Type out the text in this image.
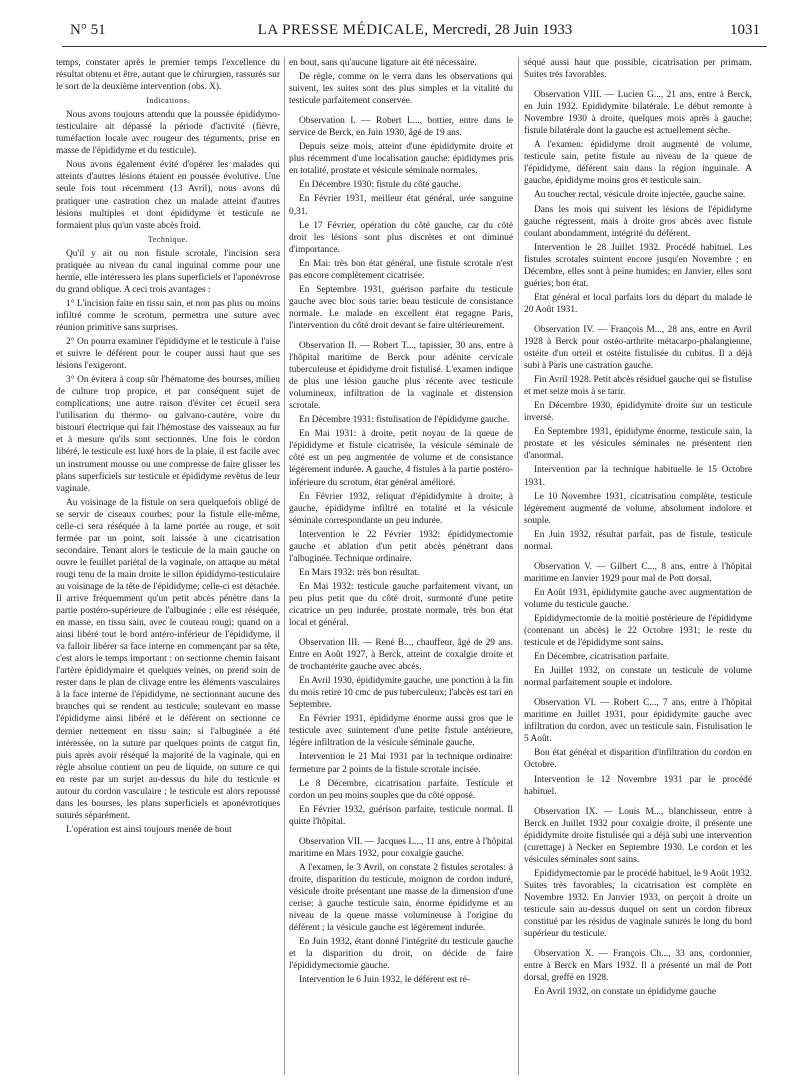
N° 51	LA PRESSE MÉDICALE, Mercredi, 28 Juin 1933	1031

temps, constater après le premier temps l'excellence du résultat obtenu et être, autant que le chirurgien, rassurés sur le sort de la deuxième intervention (obs. X).

Indications.

Nous avons toujours attendu que la poussée épididymo-testiculaire ait dépassé la période d'activité (fièvre, tuméfaction locale avec rougeur des téguments, prise en masse de l'épididyme et du testicule).

Nous avons également évité d'opérer les malades qui atteints d'autres lésions étaient en poussée évolutive. Une seule fois tout récemment (13 Avril), nous avons dû pratiquer une castration chez un malade atteint d'autres lésions multiples et dont épididyme et testicule ne formaient plus qu'un vaste abcès froid.

Technique.

Qu'il y ait ou non fistule scrotale, l'incision sera pratiquée au niveau du canal inguinal comme pour une hernie, elle intéressera les plans superficiels et l'aponévrose du grand oblique. A ceci trois avantages :

1° L'incision faite en tissu sain, et non pas plus ou moins infiltré comme le scrotum, permettra une suture avec réunion primitive sans surprises.

2° On pourra examiner l'épididyme et le testicule à l'aise et suivre le déférent pour le couper aussi haut que ses lésions l'exigeront.

3° On évitera à coup sûr l'hématome des bourses, milieu de culture trop propice, et par conséquent sujet de complications; une autre raison d'éviter cet écueil sera l'utilisation du thermo- ou galvano-cautère, voire du bistouri électrique qui fait l'hémostase des vaisseaux au fur et à mesure qu'ils sont sectionnés. Une fois le cordon libéré, le testicule est luxé hors de la plaie, il est facile avec un instrument mousse ou une compresse de faire glisser les plans superficiels sur testicule et épididyme revêtus de leur vaginale.

Au voisinage de la fistule on sera quelquefois obligé de se servir de ciseaux courbes; pour la fistule elle-même, celle-ci sera réséquée à la lame portée au rouge, et soit fermée par un point, soit laissée à une cicatrisation secondaire. Tenant alors le testicule de la main gauche on ouvre le feuillet pariétal de la vaginale, on attaque au métal rougi tenu de la main droite le sillon épididymo-testiculaire au voisinage de la tête de l'épididyme; celle-ci est détachée. Il arrive fréquemment qu'un petit abcès pénètre dans la partie postéro-supérieure de l'albuginée ; elle est réséquée, en masse, en tissu sain, avec le couteau rougi; quand on a ainsi libéré tout le bord antéro-inférieur de l'épididyme, il va falloir libérer sa face interne en commençant par sa tête, c'est alors le temps important : on sectionne chemin faisant l'artère épididymaire et quelques veines, on prend soin de rester dans le plan de clivage entre les éléments vasculaires à la face interne de l'épididyme, ne sectionnant aucune des branches qui se rendent au testicule; soulevant en masse l'épididyme ainsi libéré et le déférent on sectionne ce dernier nettement en tissu sain; si l'albuginée a été intéressée, on la suture par quelques points de catgut fin, puis après avoir réséqué la majorité de la vaginale, qui en règle absolue contient un peu de liquide, on suture ce qui en reste par un surjet au-dessus du hile du testicule et autour du cordon vasculaire ; le testicule est alors repoussé dans les bourses, les plans superficiels et aponévrotiques suturés séparément.

L'opération est ainsi toujours menée de bout

en bout, sans qu'aucune ligature ait été nécessaire.

De règle, comme on le verra dans les observations qui suivent, les suites sont des plus simples et la vitalité du testicule parfaitement conservée.

Observation I. — Robert L..., bottier, entre dans le service de Berck, en Juin 1930, âgé de 19 ans.

Depuis seize mois, atteint d'une épididymite droite et plus récemment d'une localisation gauche: épididymes pris en totalité, prostate et vésicule séminale normales.

En Décembre 1930: fistule du côté gauche.

En Février 1931, meilleur état général, urée sanguine 0,31.

Le 17 Février, opération du côté gauche, car du côté droit les lésions sont plus discrètes et ont diminué d'importance.

En Mai: très bon état général, une fistule scrotale n'est pas encore complètement cicatrisée.

En Septembre 1931, guérison parfaite du testicule gauche avec bloc sous tarie: beau testicule de consistance normale. Le malade en excellent état regagne Paris, l'intervention du côté droit devant se faire ultérieurement.

Observation II. — Robert T..., tapissier, 30 ans, entre à l'hôpital maritime de Berck pour adénite cervicale tuberculeuse et épididyme droit fistulisé. L'examen indique de plus une lésion gauche plus récente avec testicule volumineux, infiltration de la vaginale et distension scrotale.

En Décembre 1931: fistulisation de l'épididyme gauche.

En Mai 1931: à droite, petit noyau de la queue de l'épididyme et fistule cicatrisée, la vésicule séminale de côté est un peu augmentée de volume et de consistance légèrement indurée. A gauche, 4 fistules à la partie postéro-inférieure du scrotum, état général amélioré.

En Février 1932, reliquat d'épididymite à droite; à gauche, épididyme infiltré en totalité et la vésicule séminale correspondante un peu indurée.

Intervention le 22 Février 1932: épididymectomie gauche et ablation d'un petit abcès pénétrant dans l'albuginée. Technique ordinaire.

En Mars 1932: très bon résultat.

En Mai 1932: testicule gauche parfaitement vivant, un peu plus petit que du côté droit, surmonté d'une petite cicatrice un peu indurée, prostate normale, très bon état local et général.

Observation III. — René B..., chauffeur, âgé de 29 ans. Entre en Août 1927, à Berck, atteint de coxalgie droite et de trochantérite gauche avec abcès.

En Avril 1930, épididymite gauche, une ponction à la fin du mois retire 10 cmc de pus tuberculeux; l'abcès est tari en Septembre.

En Février 1931, épididyme énorme aussi gros que le testicule avec suintement d'une petite fistule antérieure, légère infiltration de la vésicule séminale gauche.

Intervention le 21 Mai 1931 par la technique ordinaire: fermeture par 2 points de la fistule scrotale incisée.

Le 8 Décembre, cicatrisation parfaite. Testicule et cordon un peu moins souples que du côté opposé.

En Février 1932, guérison parfaite, testicule normal. Il quitte l'hôpital.

Observation VII. — Jacques L..., 11 ans, entre à l'hôpital maritime en Mars 1932, pour coxalgie gauche.

A l'examen, le 3 Avril, on constate 2 fistules scrotales: à droite, disparition du testicule, moignon de cordon induré, vésicule droite présentant une masse de la dimension d'une cerise; à gauche testicule sain, énorme épididyme et au niveau de la queue masse volumineuse à l'origine du déférent ; la vésicule gauche est légèrement indurée.

En Juin 1932, étant donné l'intégrité du testicule gauche et la disparition du droit, on décide de faire l'épididymectomie gauche.

Intervention le 6 Juin 1932, le déférent est ré-

séqué aussi haut que possible, cicatrisation per primam. Suites très favorables.

Observation VIII. — Lucien G..., 21 ans, entre à Berck, en Juin 1932. Epididymite bilatérale. Le début remonte à Novembre 1930 à droite, quelques mois après à gauche; fistule bilatérale dont la gauche est actuellement sèche.

A l'examen: épididyme droit augmenté de volume, testicule sain, petite fistule au niveau de la queue de l'épididyme, déférent sain dans la région inguinale. A gauche, épididyme moins gros et testicule sain.

Au toucher rectal, vésicule droite injectée, gauche saine.

Dans les mois qui suivent les lésions de l'épididyme gauche régressent, mais à droite gros abcès avec fistule coulant abondamment, intégrité du déférent.

Intervention le 28 Juillet 1932. Procédé habituel. Les fistules scrotales suintent encore jusqu'en Novembre ; en Décembre, elles sont à peine humides; en Janvier, elles sont guéries; bon état.

Etat général et local parfaits lors du départ du malade le 20 Août 1931.

Observation IV. — François M..., 28 ans, entre en Avril 1928 à Berck pour ostéo-arthrite métacarpo-phalangienne, ostéite d'un orteil et ostéite fistulisée du cubitus. Il a déjà subi à Paris une castration gauche.

Fin Avril 1928. Petit abcès résiduel gauche qui se fistulise et met seize mois à se tarir.

En Décembre 1930, épididymite droite sur un testicule inversé.

En Septembre 1931, épididyme énorme, testicule sain, la prostate et les vésicules séminales ne présentent rien d'anormal.

Intervention par la technique habituelle le 15 Octobre 1931.

Le 10 Novembre 1931, cicatrisation complète, testicule légèrement augmenté de volume, absolument indolore et souple.

En Juin 1932, résultat parfait, pas de fistule, testicule normal.

Observation V. — Gilbert C..., 8 ans, entre à l'hôpital maritime en Janvier 1929 pour mal de Pott dorsal.

En Août 1931, épididymite gauche avec augmentation de volume du testicule gauche.

Epididymectomie de la moitié postérieure de l'épididyme (contenant un abcès) le 22 Octobre 1931; le reste du testicule et de l'épididyme sont sains.

En Décembre, cicatrisation parfaite.

En Juillet 1932, on constate un testicule de volume normal parfaitement souple et indolore.

Observation VI. — Robert C..., 7 ans, entre à l'hôpital maritime en Juillet 1931, pour épididymite gauche avec infiltration du cordon, avec un testicule sain. Fistulisation le 5 Août.

Bon état général et disparition d'infiltration du cordon en Octobre.

Intervention le 12 Novembre 1931 par le procédé habituel.

Observation IX. — Louis M..., blanchisseur, entre à Berck en Juillet 1932 pour coxalgie droite, il présente une épididymite droite fistulisée qui a déjà subi une intervention (curettage) à Necker en Septembre 1930. Le cordon et les vésicules séminales sont sains.

Epididymectomie par le procédé habituel, le 9 Août 1932. Suites très favorables, la cicatrisation est complète en Novembre 1932. En Janvier 1933, on perçoit à droite un testicule sain au-dessus duquel on sent un cordon fibreux constitué par les résidus de vaginale suturés le long du bord supérieur du testicule.

Observation X. — François Ch..., 33 ans, cordonnier, entre à Berck en Mars 1932. Il a présenté un mal de Pott dorsal, greffé en 1928.

En Avril 1932, on constate un épididyme gauche
